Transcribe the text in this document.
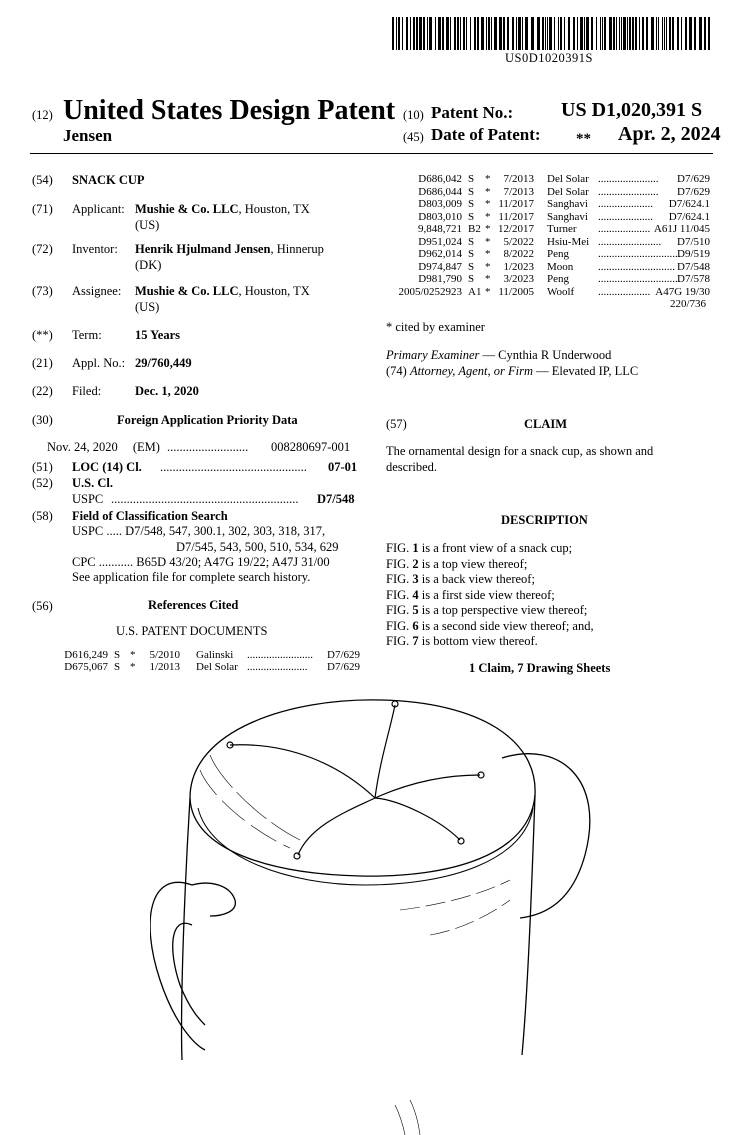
US0D1020391S
(12) United States Design Patent
Jensen
(10) Patent No.: US D1,020,391 S
(45) Date of Patent: ** Apr. 2, 2024
(54) SNACK CUP
(71) Applicant: Mushie & Co. LLC, Houston, TX
(US)
(72) Inventor: Henrik Hjulmand Jensen, Hinnerup
(DK)
(73) Assignee: Mushie & Co. LLC, Houston, TX
(US)
(**) Term:	15 Years
(21) Appl. No.: 29/760,449
(22) Filed:	Dec. 1, 2020
(30)	Foreign Application Priority Data
Nov. 24, 2020 (EM) .......................... 008280697-001
(51) LOC (14) Cl. ............................................... 07-01
(52) U.S. Cl.
USPC ............................................................ D7/548
(58) Field of Classification Search
USPC ..... D7/548, 547, 300.1, 302, 303, 318, 317,
D7/545, 543, 500, 510, 534, 629
CPC ........... B65D 43/20; A47G 19/22; A47J 31/00
See application file for complete search history.
(56)	References Cited
U.S. PATENT DOCUMENTS
D616,249 S *	5/2010 Galinski	D7/629
........................
D675,067 S *	1/2013 Del Solar	D7/629
......................
D686,042 S *	7/2013 Del Solar	D7/629
......................
D686,044 S *	7/2013 Del Solar	D7/629
......................
D803,009 S * 11/2017 Sanghavi	D7/624.1
....................
D803,010 S * 11/2017 Sanghavi	D7/624.1
....................
9,848,721 B2 * 12/2017 Turner	A61J 11/045
...................
D951,024 S *	5/2022 Hsiu-Mei	D7/510
.......................
D962,014 S *	8/2022 Peng	D9/519
..............................
D974,847 S *	1/2023 Moon	D7/548
............................
D981,790 S *	3/2023 Peng	D7/578
..............................
2005/0252923 A1 * 11/2005 Woolf	A47G 19/30
...................
220/736
* cited by examiner
Primary Examiner — Cynthia R Underwood
(74) Attorney, Agent, or Firm — Elevated IP, LLC
(57)	CLAIM
The ornamental design for a snack cup, as shown and
described.
DESCRIPTION
FIG. 1 is a front view of a snack cup;
FIG. 2 is a top view thereof;
FIG. 3 is a back view thereof;
FIG. 4 is a first side view thereof;
FIG. 5 is a top perspective view thereof;
FIG. 6 is a second side view thereof; and,
FIG. 7 is bottom view thereof.
1 Claim, 7 Drawing Sheets
